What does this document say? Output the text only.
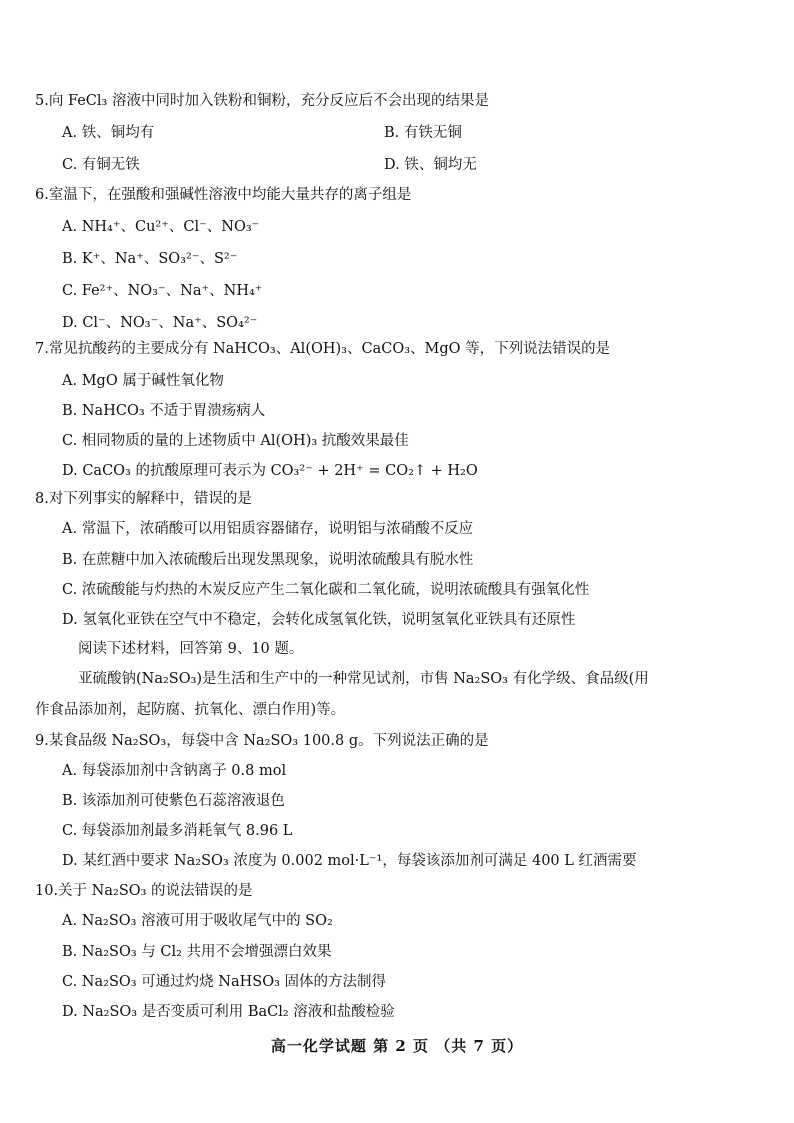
5.向 FeCl₃ 溶液中同时加入铁粉和铜粉，充分反应后不会出现的结果是
A. 铁、铜均有	B. 有铁无铜
C. 有铜无铁	D. 铁、铜均无
6.室温下，在强酸和强碱性溶液中均能大量共存的离子组是
A. NH₄⁺、Cu²⁺、Cl⁻、NO₃⁻
B. K⁺、Na⁺、SO₃²⁻、S²⁻
C. Fe²⁺、NO₃⁻、Na⁺、NH₄⁺
D. Cl⁻、NO₃⁻、Na⁺、SO₄²⁻
7.常见抗酸药的主要成分有 NaHCO₃、Al(OH)₃、CaCO₃、MgO 等，下列说法错误的是
A. MgO 属于碱性氧化物
B. NaHCO₃ 不适于胃溃疡病人
C. 相同物质的量的上述物质中 Al(OH)₃ 抗酸效果最佳
D. CaCO₃ 的抗酸原理可表示为 CO₃²⁻ + 2H⁺ = CO₂↑ + H₂O
8.对下列事实的解释中，错误的是
A. 常温下，浓硝酸可以用铝质容器储存，说明铝与浓硝酸不反应
B. 在蔗糖中加入浓硫酸后出现发黑现象，说明浓硫酸具有脱水性
C. 浓硫酸能与灼热的木炭反应产生二氧化碳和二氧化硫，说明浓硫酸具有强氧化性
D. 氢氧化亚铁在空气中不稳定，会转化成氢氧化铁，说明氢氧化亚铁具有还原性
阅读下述材料，回答第 9、10 题。
亚硫酸钠(Na₂SO₃)是生活和生产中的一种常见试剂，市售 Na₂SO₃ 有化学级、食品级(用
作食品添加剂，起防腐、抗氧化、漂白作用)等。
9.某食品级 Na₂SO₃，每袋中含 Na₂SO₃ 100.8 g。下列说法正确的是
A. 每袋添加剂中含钠离子 0.8 mol
B. 该添加剂可使紫色石蕊溶液退色
C. 每袋添加剂最多消耗氧气 8.96 L
D. 某红酒中要求 Na₂SO₃ 浓度为 0.002 mol·L⁻¹，每袋该添加剂可满足 400 L 红酒需要
10.关于 Na₂SO₃ 的说法错误的是
A. Na₂SO₃ 溶液可用于吸收尾气中的 SO₂
B. Na₂SO₃ 与 Cl₂ 共用不会增强漂白效果
C. Na₂SO₃ 可通过灼烧 NaHSO₃ 固体的方法制得
D. Na₂SO₃ 是否变质可利用 BaCl₂ 溶液和盐酸检验
高一化学试题 第 2 页 （共 7 页）
